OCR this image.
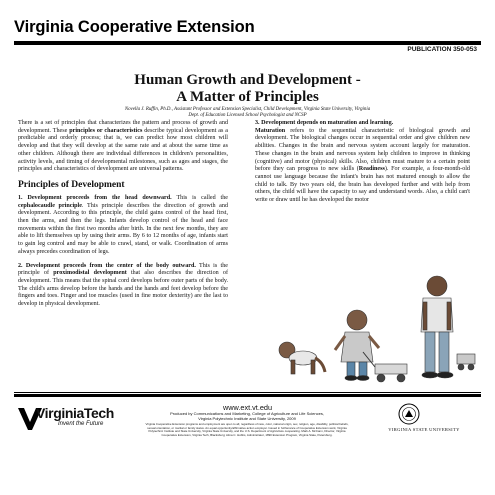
Virginia Cooperative Extension
PUBLICATION 350-053
Human Growth and Development -
A Matter of Principles
Novella J. Ruffin, Ph.D., Assistant Professor and Extension Specialist, Child Development, Virginia State University, Virginia
Dept. of Education Licensed School Psychologist and NCSP

There is a set of principles that characterizes the pattern and process of growth and development. These principles or characteristics describe typical development as a predictable and orderly process; that is, we can predict how most children will develop and that they will develop at the same rate and at about the same time as other children. Although there are individual differences in children's personalities, activity levels, and timing of developmental milestones, such as ages and stages, the principles and characteristics of development are universal patterns.

Principles of Development

1. Development proceeds from the head downward. This is called the cephalocaudle principle. This principle describes the direction of growth and development. According to this principle, the child gains control of the head first, then the arms, and then the legs. Infants develop control of the head and face movements within the first two months after birth. In the next few months, they are able to lift themselves up by using their arms. By 6 to 12 months of age, infants start to gain leg control and may be able to crawl, stand, or walk. Coordination of arms always precedes coordination of legs.

2. Development proceeds from the center of the body outward. This is the principle of proximodistal development that also describes the direction of development. This means that the spinal cord develops before outer parts of the body. The child's arms develop before the hands and the hands and feet develop before the fingers and toes. Finger and toe muscles (used in fine motor dexterity) are the last to develop in physical development.

3. Development depends on maturation and learning.
Maturation refers to the sequential characteristic of biological growth and development. The biological changes occur in sequential order and give children new abilities. Changes in the brain and nervous system account largely for maturation. These changes in the brain and nervous system help children to improve in thinking (cognitive) and motor (physical) skills. Also, children must mature to a certain point before they can progress to new skills (Readiness). For example, a four-month-old cannot use language because the infant's brain has not matured enough to allow the child to talk. By two years old, the brain has developed further and with help from others, the child will have the capacity to say and understand words. Also, a child can't write or draw until he has developed the motor

VirginiaTech
Invent the Future
www.ext.vt.edu
Produced by Communications and Marketing, College of Agriculture and Life Sciences,
Virginia Polytechnic Institute and State University, 2009
Virginia Cooperative Extension programs and employment are open to all, regardless of race, color, national origin, sex, religion, age, disability, political beliefs, sexual orientation, or marital or family status. An equal opportunity/affirmative action employer. Issued in furtherance of Cooperative Extension work, Virginia Polytechnic Institute and State University, Virginia State University, and the U.S. Department of Agriculture cooperating. Mark A. McCann, Director, Virginia Cooperative Extension, Virginia Tech, Blacksburg; Alma C. Hobbs, Administrator, 1890 Extension Program, Virginia State, Petersburg.
VIRGINIA STATE UNIVERSITY
